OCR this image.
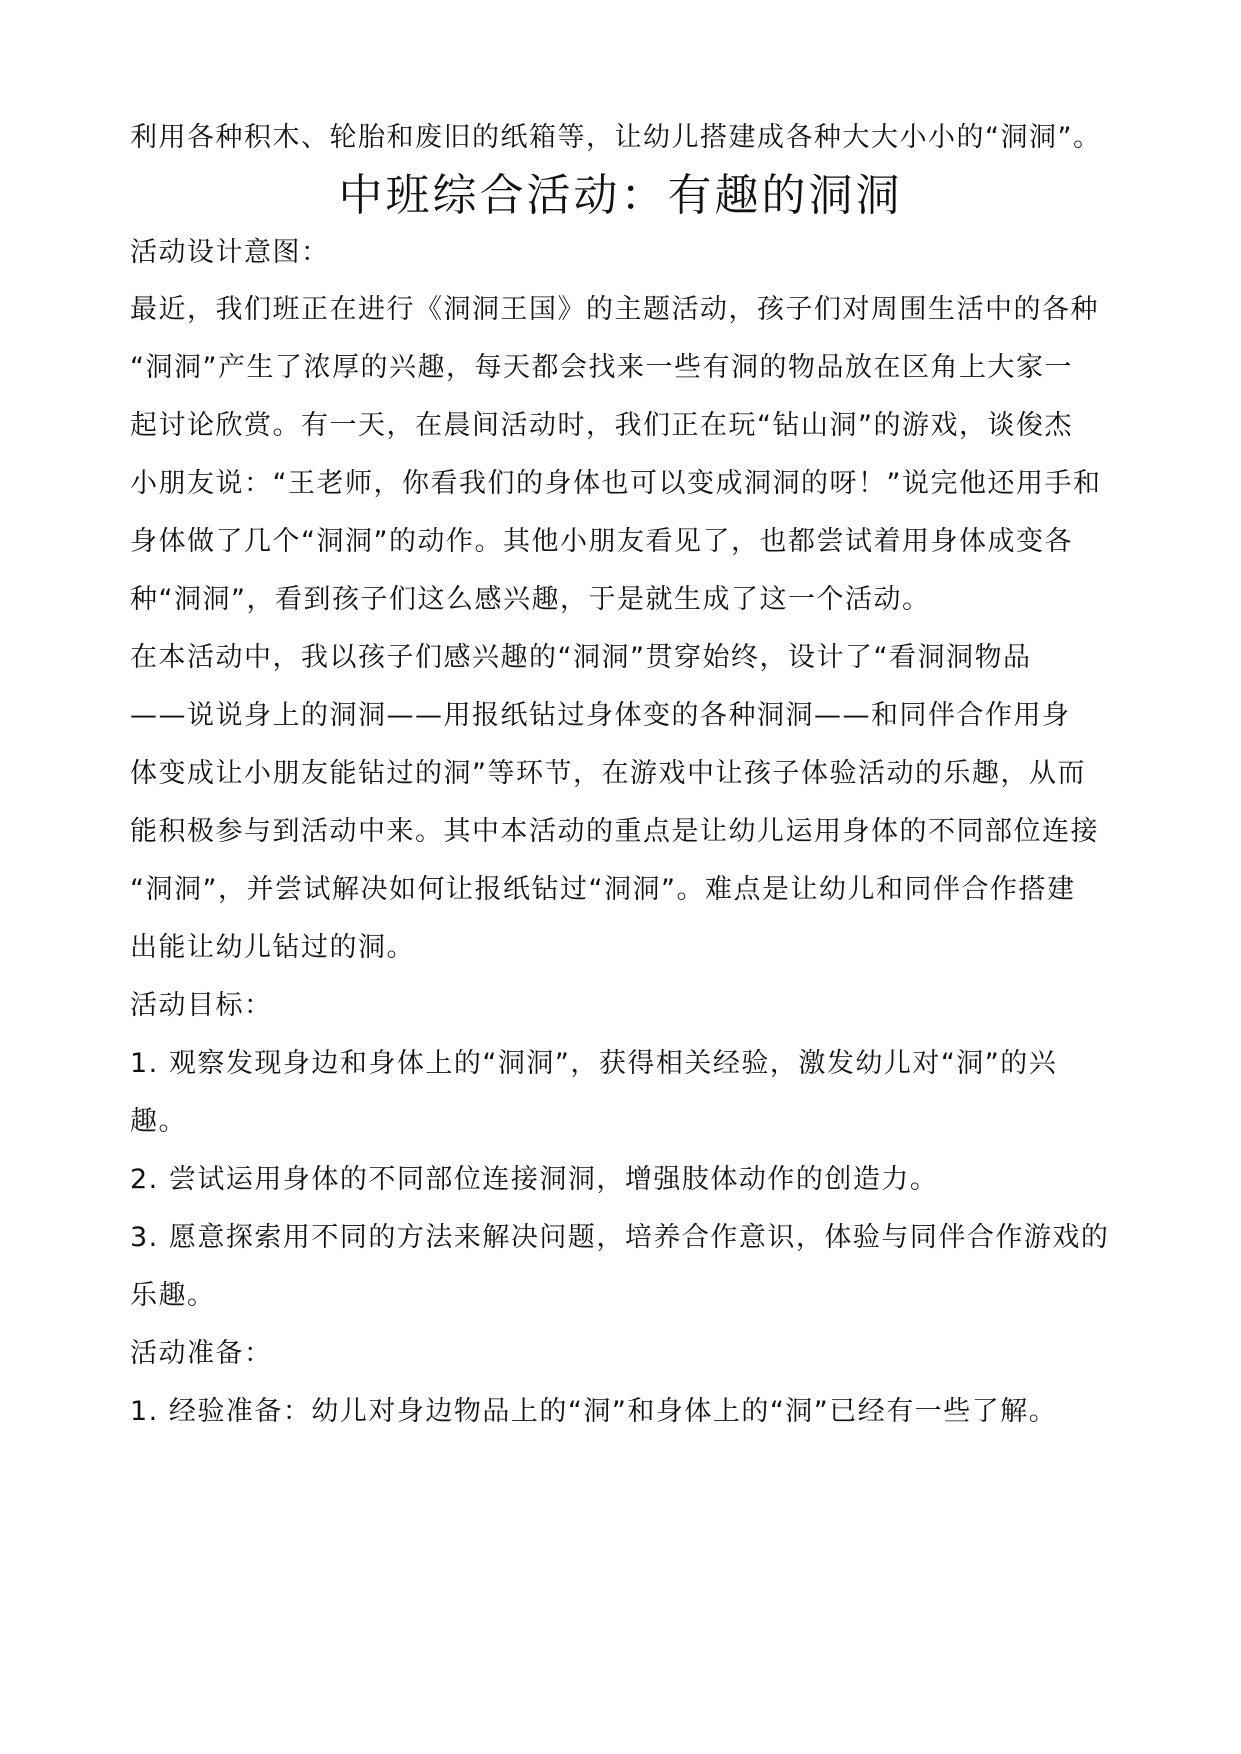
利用各种积木、轮胎和废旧的纸箱等，让幼儿搭建成各种大大小小的“洞洞”。
中班综合活动：有趣的洞洞
活动设计意图：
最近，我们班正在进行《洞洞王国》的主题活动，孩子们对周围生活中的各种
“洞洞”产生了浓厚的兴趣，每天都会找来一些有洞的物品放在区角上大家一
起讨论欣赏。有一天，在晨间活动时，我们正在玩“钻山洞”的游戏，谈俊杰
小朋友说：“王老师，你看我们的身体也可以变成洞洞的呀！”说完他还用手和
身体做了几个“洞洞”的动作。其他小朋友看见了，也都尝试着用身体成变各
种“洞洞”，看到孩子们这么感兴趣，于是就生成了这一个活动。
在本活动中，我以孩子们感兴趣的“洞洞”贯穿始终，设计了“看洞洞物品
——说说身上的洞洞——用报纸钻过身体变的各种洞洞——和同伴合作用身
体变成让小朋友能钻过的洞”等环节，在游戏中让孩子体验活动的乐趣，从而
能积极参与到活动中来。其中本活动的重点是让幼儿运用身体的不同部位连接
“洞洞”，并尝试解决如何让报纸钻过“洞洞”。难点是让幼儿和同伴合作搭建
出能让幼儿钻过的洞。
活动目标：
1. 观察发现身边和身体上的“洞洞”，获得相关经验，激发幼儿对“洞”的兴
趣。
2. 尝试运用身体的不同部位连接洞洞，增强肢体动作的创造力。
3. 愿意探索用不同的方法来解决问题，培养合作意识，体验与同伴合作游戏的
乐趣。
活动准备：
1. 经验准备：幼儿对身边物品上的“洞”和身体上的“洞”已经有一些了解。
